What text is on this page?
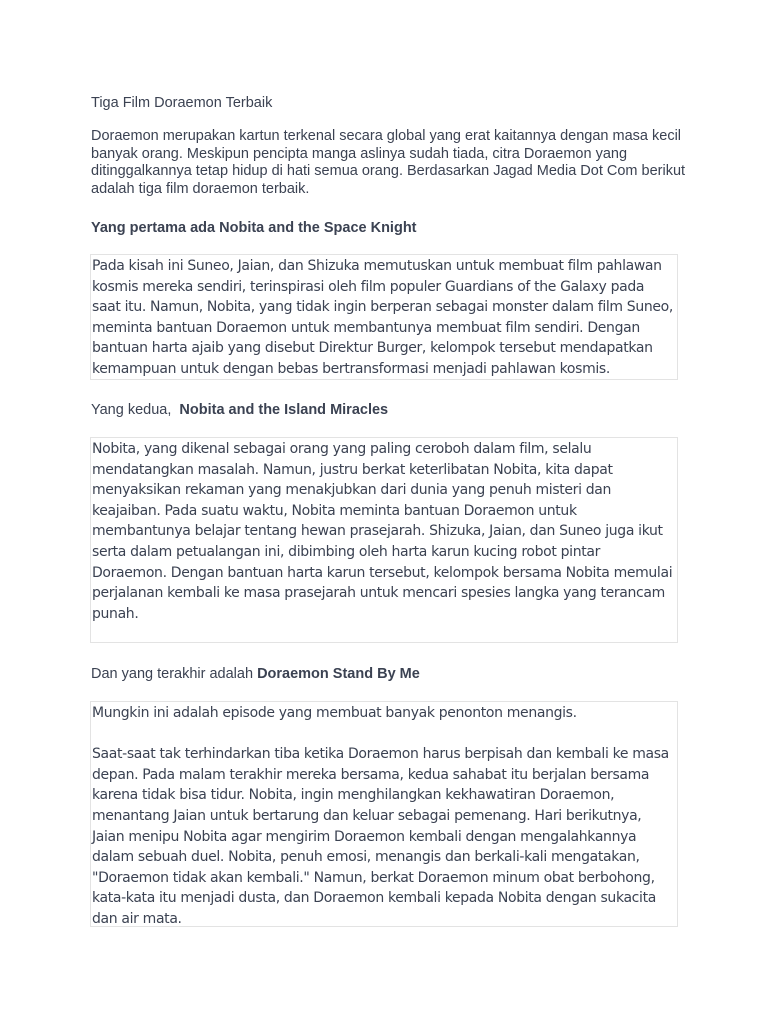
Tiga Film Doraemon Terbaik
Doraemon merupakan kartun terkenal secara global yang erat kaitannya dengan masa kecil banyak orang. Meskipun pencipta manga aslinya sudah tiada, citra Doraemon yang ditinggalkannya tetap hidup di hati semua orang. Berdasarkan Jagad Media Dot Com berikut adalah tiga film doraemon terbaik.
Yang pertama ada Nobita and the Space Knight

Pada kisah ini Suneo, Jaian, dan Shizuka memutuskan untuk membuat film pahlawan kosmis mereka sendiri, terinspirasi oleh film populer Guardians of the Galaxy pada saat itu. Namun, Nobita, yang tidak ingin berperan sebagai monster dalam film Suneo, meminta bantuan Doraemon untuk membantunya membuat film sendiri. Dengan bantuan harta ajaib yang disebut Direktur Burger, kelompok tersebut mendapatkan kemampuan untuk dengan bebas bertransformasi menjadi pahlawan kosmis.

Yang kedua,  Nobita and the Island Miracles

Nobita, yang dikenal sebagai orang yang paling ceroboh dalam film, selalu mendatangkan masalah. Namun, justru berkat keterlibatan Nobita, kita dapat menyaksikan rekaman yang menakjubkan dari dunia yang penuh misteri dan keajaiban. Pada suatu waktu, Nobita meminta bantuan Doraemon untuk membantunya belajar tentang hewan prasejarah. Shizuka, Jaian, dan Suneo juga ikut serta dalam petualangan ini, dibimbing oleh harta karun kucing robot pintar Doraemon. Dengan bantuan harta karun tersebut, kelompok bersama Nobita memulai perjalanan kembali ke masa prasejarah untuk mencari spesies langka yang terancam punah.

Dan yang terakhir adalah Doraemon Stand By Me

Mungkin ini adalah episode yang membuat banyak penonton menangis.

Saat-saat tak terhindarkan tiba ketika Doraemon harus berpisah dan kembali ke masa depan. Pada malam terakhir mereka bersama, kedua sahabat itu berjalan bersama karena tidak bisa tidur. Nobita, ingin menghilangkan kekhawatiran Doraemon, menantang Jaian untuk bertarung dan keluar sebagai pemenang. Hari berikutnya, Jaian menipu Nobita agar mengirim Doraemon kembali dengan mengalahkannya dalam sebuah duel. Nobita, penuh emosi, menangis dan berkali-kali mengatakan, "Doraemon tidak akan kembali." Namun, berkat Doraemon minum obat berbohong, kata-kata itu menjadi dusta, dan Doraemon kembali kepada Nobita dengan sukacita dan air mata.
